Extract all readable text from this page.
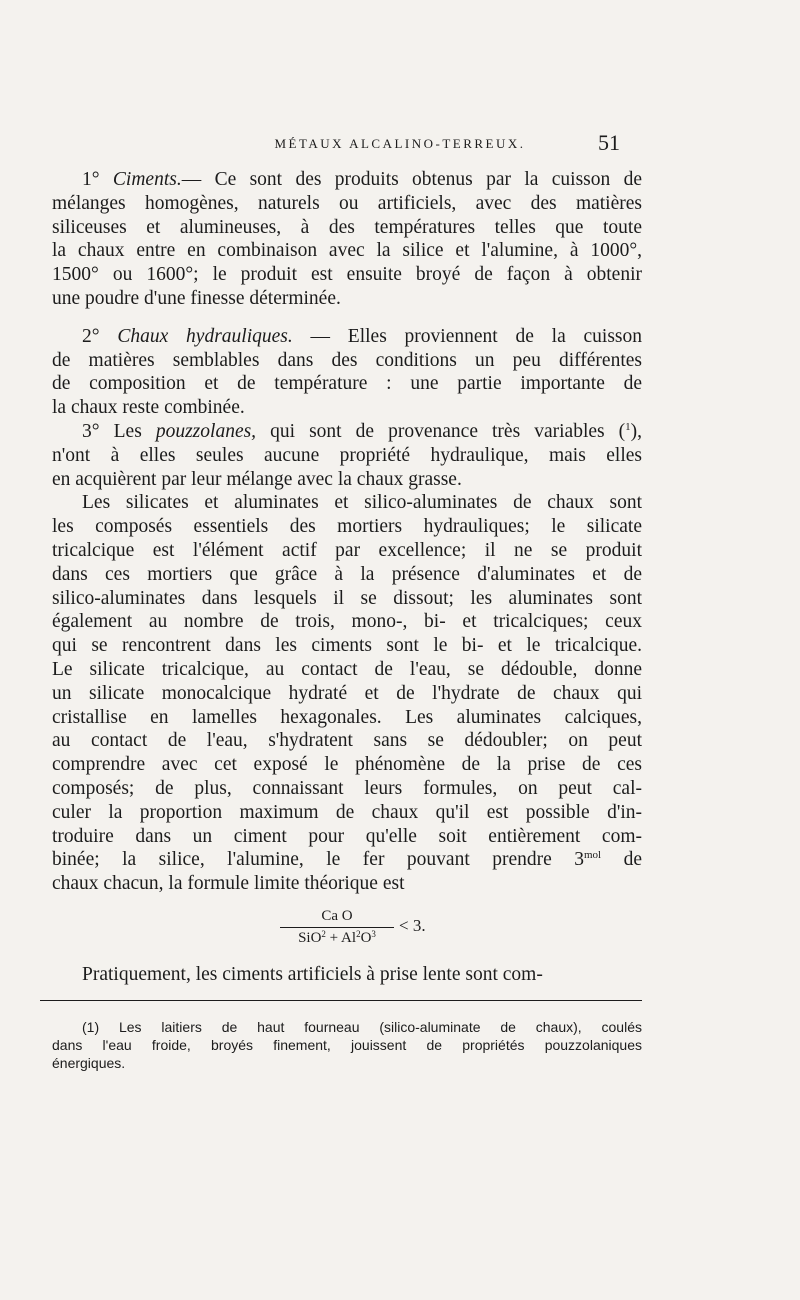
MÉTAUX ALCALINO-TERREUX.	51
1° Ciments.— Ce sont des produits obtenus par la cuisson de
mélanges homogènes, naturels ou artificiels, avec des matières
siliceuses et alumineuses, à des températures telles que toute
la chaux entre en combinaison avec la silice et l'alumine, à 1000°,
1500° ou 1600°; le produit est ensuite broyé de façon à obtenir
une poudre d'une finesse déterminée.
2° Chaux hydrauliques. — Elles proviennent de la cuisson
de matières semblables dans des conditions un peu différentes
de composition et de température : une partie importante de
la chaux reste combinée.
3° Les pouzzolanes, qui sont de provenance très variables ($^1$),
n'ont à elles seules aucune propriété hydraulique, mais elles
en acquièrent par leur mélange avec la chaux grasse.
Les silicates et aluminates et silico-aluminates de chaux sont
les composés essentiels des mortiers hydrauliques; le silicate
tricalcique est l'élément actif par excellence; il ne se produit
dans ces mortiers que grâce à la présence d'aluminates et de
silico-aluminates dans lesquels il se dissout; les aluminates sont
également au nombre de trois, mono-, bi- et tricalciques; ceux
qui se rencontrent dans les ciments sont le bi- et le tricalcique.
Le silicate tricalcique, au contact de l'eau, se dédouble, donne
un silicate monocalcique hydraté et de l'hydrate de chaux qui
cristallise en lamelles hexagonales. Les aluminates calciques,
au contact de l'eau, s'hydratent sans se dédoubler; on peut
comprendre avec cet exposé le phénomène de la prise de ces
composés; de plus, connaissant leurs formules, on peut cal-
culer la proportion maximum de chaux qu'il est possible d'in-
troduire dans un ciment pour qu'elle soit entièrement com-
binée; la silice, l'alumine, le fer pouvant prendre $3^{mol}$ de
chaux chacun, la formule limite théorique est
Ca O
$SiO^2 + Al^2O^3$	< 3.
Pratiquement, les ciments artificiels à prise lente sont com-
(1) Les laitiers de haut fourneau (silico-aluminate de chaux), coulés
dans l'eau froide, broyés finement, jouissent de propriétés pouzzolaniques
énergiques.
